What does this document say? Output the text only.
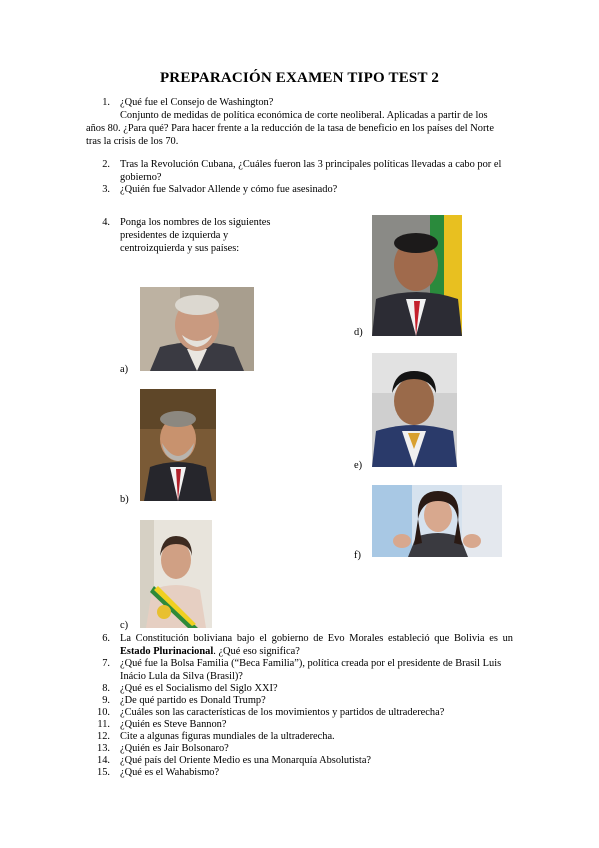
PREPARACIÓN EXAMEN TIPO TEST 2
1. ¿Qué fue el Consejo de Washington?
Conjunto de medidas de política económica de corte neoliberal. Aplicadas a partir de los
años 80. ¿Para qué? Para hacer frente a la reducción de la tasa de beneficio en los países del Norte
tras la crisis de los 70.
2. Tras la Revolución Cubana, ¿Cuáles fueron las 3 principales políticas llevadas a cabo por el
gobierno?
3. ¿Quién fue Salvador Allende y cómo fue asesinado?
4. Ponga los nombres de los siguientes
presidentes de izquierda y
centroizquierda y sus países:
a)
b)
c)
d)
e)
f)
6. La Constitución boliviana bajo el gobierno de Evo Morales estableció que Bolivia es un
Estado Plurinacional. ¿Qué eso significa?
7. ¿Qué fue la Bolsa Familia (“Beca Familia”), política creada por el presidente de Brasil Luis
Inácio Lula da Silva (Brasil)?
8. ¿Qué es el Socialismo del Siglo XXI?
9. ¿De qué partido es Donald Trump?
10. ¿Cuáles son las características de los movimientos y partidos de ultraderecha?
11. ¿Quién es Steve Bannon?
12. Cite a algunas figuras mundiales de la ultraderecha.
13. ¿Quién es Jair Bolsonaro?
14. ¿Qué país del Oriente Medio es una Monarquía Absolutista?
15. ¿Qué es el Wahabismo?
